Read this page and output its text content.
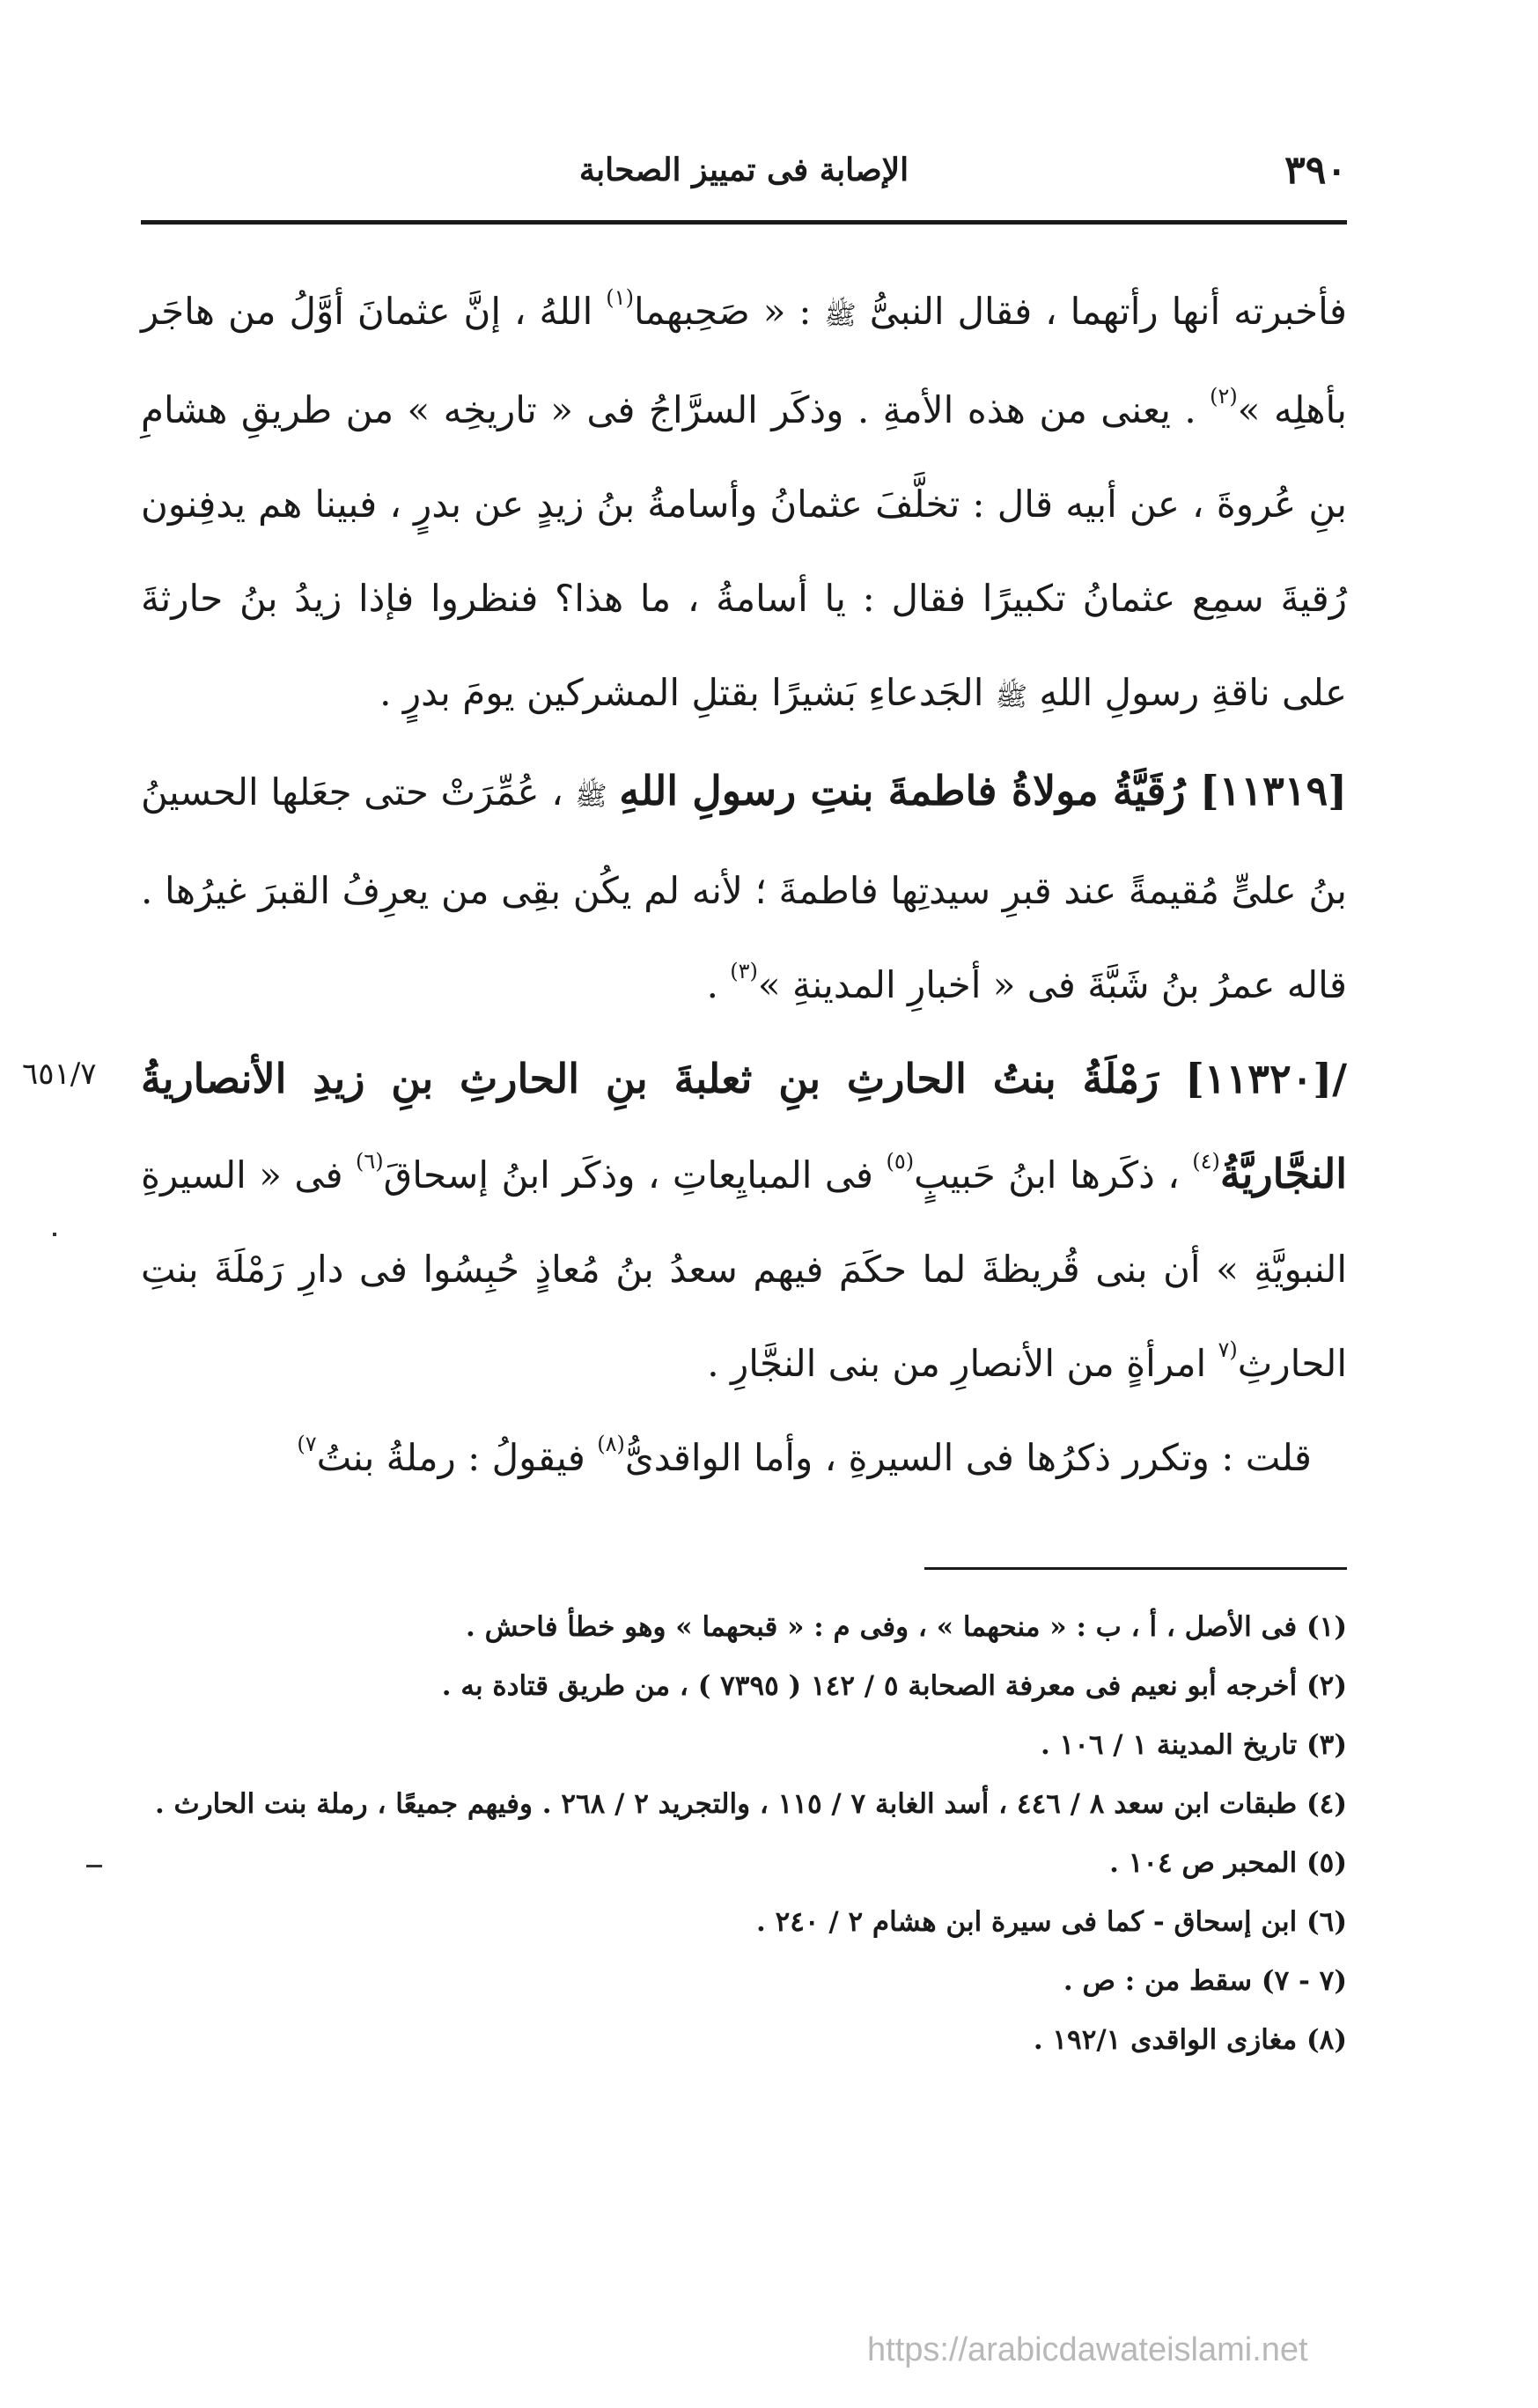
٣٩٠
الإصابة فى تمييز الصحابة
٦٥١/٧

فأخبرته أنها رأتهما ، فقال النبىُّ ﷺ : « صَحِبهما$^{(١)}$ اللهُ ، إنَّ عثمانَ أوَّلُ من هاجَر بأهلِه »$^{(٢)}$ . يعنى من هذه الأمةِ . وذكَر السرَّاجُ فى « تاريخِه » من طريقِ هشامِ بنِ عُروةَ ، عن أبيه قال : تخلَّفَ عثمانُ وأسامةُ بنُ زيدٍ عن بدرٍ ، فبينا هم يدفِنون رُقيةَ سمِع عثمانُ تكبيرًا فقال : يا أسامةُ ، ما هذا؟ فنظروا فإذا زيدُ بنُ حارثةَ على ناقةِ رسولِ اللهِ ﷺ الجَدعاءِ بَشيرًا بقتلِ المشركين يومَ بدرٍ .

[١١٣١٩] رُقَيَّةُ مولاةُ فاطمةَ بنتِ رسولِ اللهِ ﷺ ، عُمِّرَتْ حتى جعَلها الحسينُ بنُ علىٍّ مُقيمةً عند قبرِ سيدتِها فاطمةَ ؛ لأنه لم يكُن بقِى من يعرِفُ القبرَ غيرُها . قاله عمرُ بنُ شَبَّةَ فى « أخبارِ المدينةِ »$^{(٣)}$ .

/[١١٣٢٠] رَمْلَةُ بنتُ الحارثِ بنِ ثعلبةَ بنِ الحارثِ بنِ زيدِ الأنصاريةُ النجَّاريَّةُ$^{(٤)}$ ، ذكَرها ابنُ حَبيبٍ$^{(٥)}$ فى المبايِعاتِ ، وذكَر ابنُ إسحاقَ$^{(٦)}$ فى « السيرةِ النبويَّةِ » أن بنى قُريظةَ لما حكَمَ فيهم سعدُ بنُ مُعاذٍ حُبِسُوا فى دارِ رَمْلَةَ بنتِ الحارثِ$^{(٧}$ امرأةٍ من الأنصارِ من بنى النجَّارِ .

قلت : وتكرر ذكرُها فى السيرةِ ، وأما الواقدىُّ$^{(٨)}$ فيقولُ : رملةُ بنتُ$^{٧)}$

(١) فى الأصل ، أ ، ب : « منحهما » ، وفى م : « قبحهما » وهو خطأ فاحش .

(٢) أخرجه أبو نعيم فى معرفة الصحابة ٥ / ١٤٢ ( ٧٣٩٥ ) ، من طريق قتادة به .

(٣) تاريخ المدينة ١ / ١٠٦ .

(٤) طبقات ابن سعد ٨ / ٤٤٦ ، أسد الغابة ٧ / ١١٥ ، والتجريد ٢ / ٢٦٨ . وفيهم جميعًا ، رملة بنت الحارث .

(٥) المحبر ص ١٠٤ .

(٦) ابن إسحاق - كما فى سيرة ابن هشام ٢ / ٢٤٠ .

(٧ - ٧) سقط من : ص .

(٨) مغازى الواقدى ١٩٢/١ .

https://arabicdawateislami.net
